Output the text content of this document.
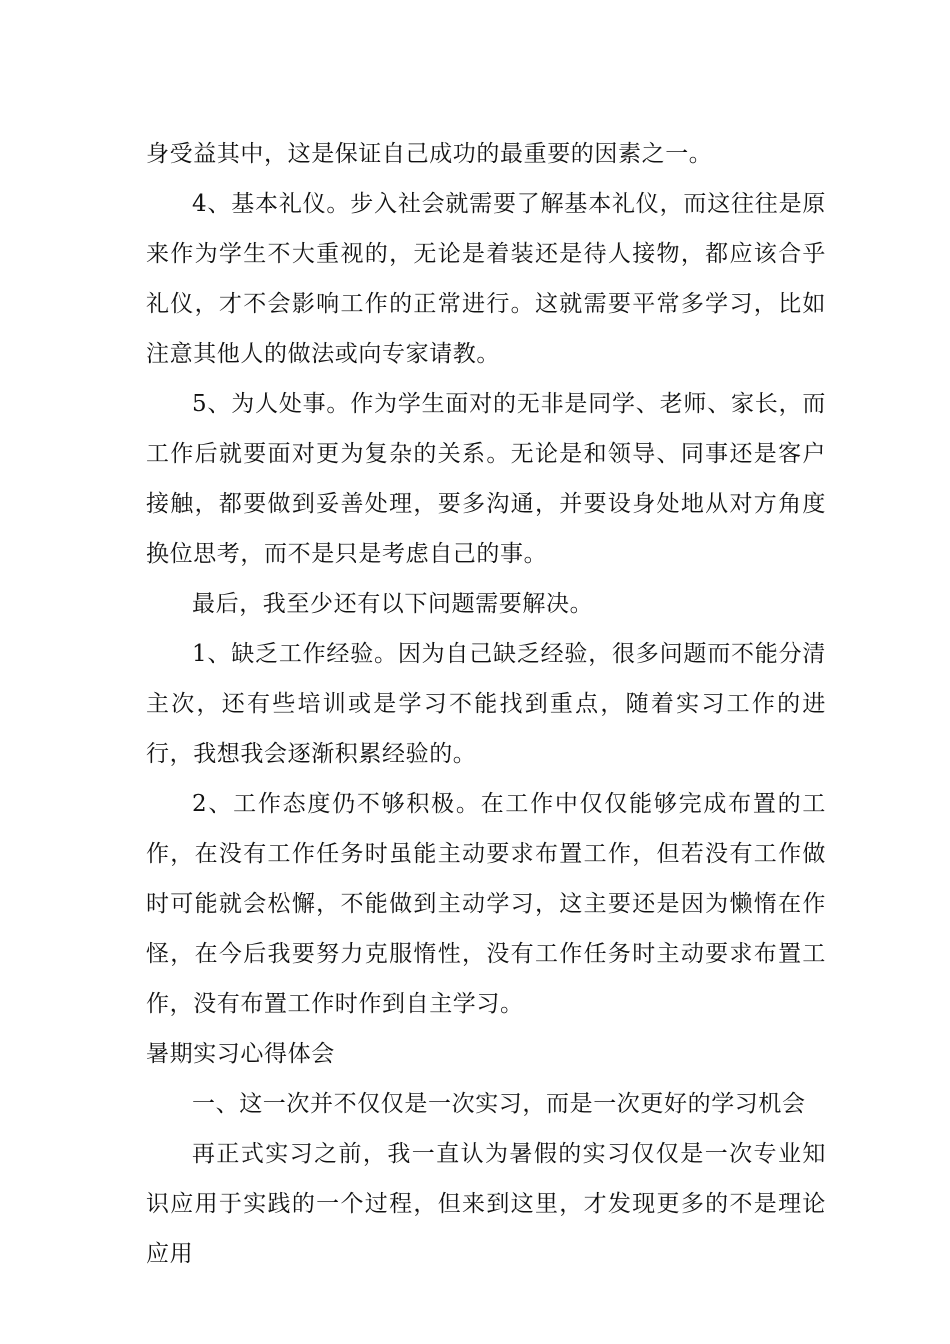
身受益其中，这是保证自己成功的最重要的因素之一。

4、基本礼仪。步入社会就需要了解基本礼仪，而这往往是原来作为学生不大重视的，无论是着装还是待人接物，都应该合乎礼仪，才不会影响工作的正常进行。这就需要平常多学习，比如注意其他人的做法或向专家请教。

5、为人处事。作为学生面对的无非是同学、老师、家长，而工作后就要面对更为复杂的关系。无论是和领导、同事还是客户接触，都要做到妥善处理，要多沟通，并要设身处地从对方角度换位思考，而不是只是考虑自己的事。

最后，我至少还有以下问题需要解决。

1、缺乏工作经验。因为自己缺乏经验，很多问题而不能分清主次，还有些培训或是学习不能找到重点，随着实习工作的进行，我想我会逐渐积累经验的。

2、工作态度仍不够积极。在工作中仅仅能够完成布置的工作，在没有工作任务时虽能主动要求布置工作，但若没有工作做时可能就会松懈，不能做到主动学习，这主要还是因为懒惰在作怪，在今后我要努力克服惰性，没有工作任务时主动要求布置工作，没有布置工作时作到自主学习。

暑期实习心得体会

一、这一次并不仅仅是一次实习，而是一次更好的学习机会

再正式实习之前，我一直认为暑假的实习仅仅是一次专业知识应用于实践的一个过程，但来到这里，才发现更多的不是理论应用
